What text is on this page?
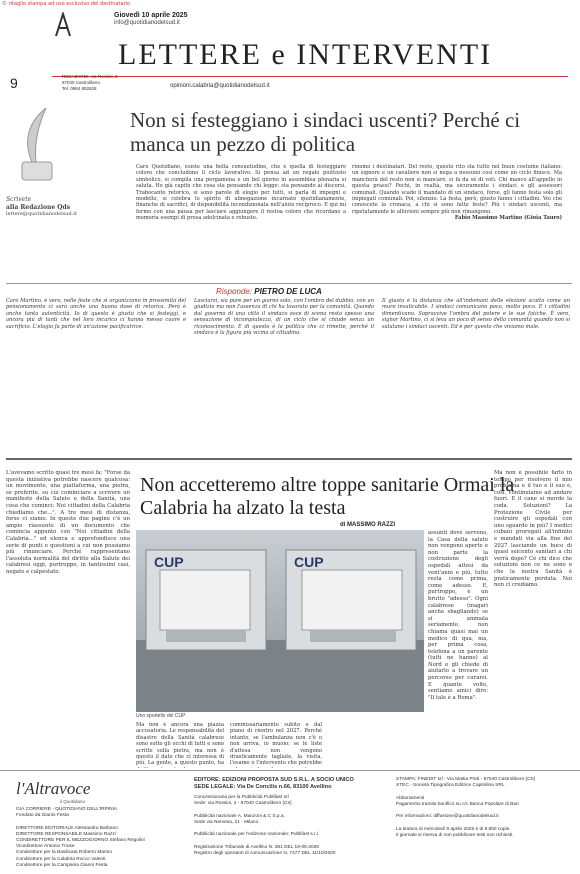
© ritaglio stampa ad uso esclusivo del destinatario
Giovedì 10 aprile 2025
info@quotidianodelsud.it
LETTERE e INTERVENTI
9	REDAZIONE: via Rossini, 2
87040 Castrolibero
Tel. 0984 852828	opinioni.calabria@quotidianodelsud.it
Scrivete
alla Redazione Qds
lettere@quotidianodelsud.it
Non si festeggiano i sindaci uscenti? Perché ci manca un pezzo di politica
Caro Quotidiano, esiste una bella consuetudine, che è quella di festeggiare coloro che concludono il ciclo lavorativo. Si pensa ad un regalo piuttosto simbolico, si compila una pergamena e un bel giorno in assemblea plenaria si saluta. Ho già capito che cosa sta pensando chi legge: sta pensando ai discorsi. Trabocanto retorico, si sono parole di elogio per tutti, si parla di impegni e modello, si celebra lo spirito di abnegazione incarnato quotidianamente, finanche di sacrifici, di disponibilità incondizionata nell'aiuto reciproco. E qui mi fermo con una pausa per lasciare aggiungere il restoa coloro che ricordano a memoria esempi di prosa adolcinata e robuste.
rinomo i destinatari. Del resto, questo rito sta tutto nel buon costume italiano: un signore e un cavaliere non si nega a nessuno così come un ciclo finisce. Ma mancherà del resto non si mancare, si fa da sé di voti. Chi manco all'appello in questa prassi? Pochi, in realtà, ma sicuramente i sindaci e gli assessori comunali. Quando scade il mandato di un sindaco, forse, gli fanno festa solo gli impiegati comunali. Poi, silenzio. La festa, però, giusto fanno i cittadini. Voi che conoscete la cronaca, a chi si sono fatte feste? Più i sindaci uscenti, ma ripetutamente le alluvioni sempre più non rimangono.
Fabio Massimo Martino (Gioia Tauro)
Risponde: PIETRO DE LUCA
Caro Martino, è vero, nelle feste che si organizzano in prossimità del pensionamento ci sarà anche una buona dose di retorica. Però è anche tanta autenticità. Io di questo è giusto che si festeggi, e ancora più di tanti che nel loro incarico ci hanno messo cuore e sacrificio. L'elogio fa parte di un'azione pacificatrice.
Lasciarsi, sia pure per un giorno solo, con l'ombra del dubbio, con un giudizio ma non l'assenza di chi ha lavorato per la comunità. Quando dal governo di una città il sindaco esce di scena resta spesso una sensazione di incompiutezza, di un ciclo che si chiude senza un riconoscimento. E di questo è la politica che ci rimette, perché il sindaco è la figura più vicina al cittadino.
Il giusto è la distanza che all'indomani delle elezioni scatta come un muro invalicabile. I sindaci comunicano poco, molto poco. E i cittadini dimenticano. Sopravvive l'ombra del potere e le sue fatiche. È vero, signor Martino, ci si leva un poco di senso della comunità quando non si salutano i sindaci uscenti. Ed è per questo che viviamo male.
L'avevamo scritto quasi tre mesi fa: "Forse da questa iniziativa potrebbe nascere qualcosa: un movimento, una piattaforma, una pietra, se preferite, su cui cominciare a scrivere un manifesto della Salute e della Sanità, una cosa che cominci: Noi cittadini della Calabria chiediamo che...". A tre mesi di distanza, forse ci siamo. In queste due pagine c'è un ampio riassunto di un documento che comincia appunto con "Noi cittadini della Calabria..." ed elenca e approfondisce una serie di punti e questioni a cui non possiamo più rinunciare. Perché rappresentano l'assoluta normalità del diritto alla Salute dei calabresi oggi, purtroppo, in tantissimi casi, negato e calpestato.
Non accetteremo altre toppe sanitarie Ormai la Calabria ha alzato la testa
di MASSIMO RAZZI
CUP	CUP
Uno sportello del CUP
Ma non è ancora una piazza accusatoria. Le responsabilità del disastro della Sanità calabrese sono sotto gli occhi di tutti e sono scritte sulla pietra, ma non è questo il dato che ci interessa di più. La gente, a questo punto, ha
commissariamento subito e dal piano di rientro nel 2027. Perché intanto, se l'ambulanza non c'è o non arriva, io muoio; se le liste d'attesa non vengono drasticamente tagliate, la visita, l'esame o l'intervento che potrebbe
assunti dove servono, la Casa della salute non vengono aperte e non parte la costruzione degli ospedali attesi da vent'anni e più, tutto resta come prima, come adesso. E, purtroppo, è un brutto "adesso". Ogni calabrese (magari anche sbagliando) se si ammala seriamente, non chiama quasi mai un medico di qua, ma, per prima cosa, telefona a un parente (tutti ne hanno) al Nord e gli chiede di aiutarlo a trovare un percorso per curarsi. E quante volte, sentiamo amici dire: "Il tale è a Roma".
Ma non è possibile farlo in tempo per risolvere il mio problema e il tuo e il suo e, così, continuiamo ad andare fuori. E il cane si morde la coda. Soluzioni? La Protezione Civile per costruire gli ospedali con uno sguardo in più? I medici cubani prorogati all'infinito e mandati via alla fine del 2027 lasciando un buco di quasi seicento sanitari a chi verrà dopo? Cè chi dice che soluzioni non ce ne sono e che la nostra Sanità è praticamente perduta. Noi non ci crediamo.
l'Altravoce
il Quotidiano
GIÀ CORRIERE - QUOTIDIANO DELL'IRPINIA
Fondato da Gianni Festa

DIRETTORE EDITORIALE Alessandro Barbano
DIRETTORE RESPONSABILE Massimo Razzi
CONDIRETTORE PER IL MEZZOGIORNO Stefano Regolini
Vicedirettore Antonio Troise
Condirettore per la Basilicata Roberto Marino
Condirettore per la Calabria Rocco Valenti
Condirettore per la Campania Gianni Festa
EDITORE: EDIZIONI PROPOSTA SUD S.R.L. A SOCIO UNICO
SEDE LEGALE: Via De Concilis n.66, 83100 Avellino
Concessionaria per la Pubblicità Publifast srl
Sede: via Rossini, 2 - 87040 Castrolibero (Cs)

Pubblicità nazionale A. Manzoni & C S.p.a.
Sede via Nervesa, 21 - Milano

Pubblicità nazionale per l'edizione nazionale: Publifast s.r.l.

Registrazione Tribunale di Avellino N. 381 DEL 18-05-2000
Registro degli operatori di comunicazione N. 7477 DEL 11/10/2000
STAMPA: FINEDIT srl - Via Mattia Preti - 87040 Castrolibero (CS)
STEC - Società Tipografica Editrice Capitolina SRL

Abbonamenti
Pagamento tramite bonifico su c/c Banca Popolare di Bari

Per informazioni: diffusione@quotidianodelsud.it

La tiratura di mercoledì 9 aprile 2025 è di 8.850 copie.
Il giornale si riserva di non pubblicare testi non richiesti.
